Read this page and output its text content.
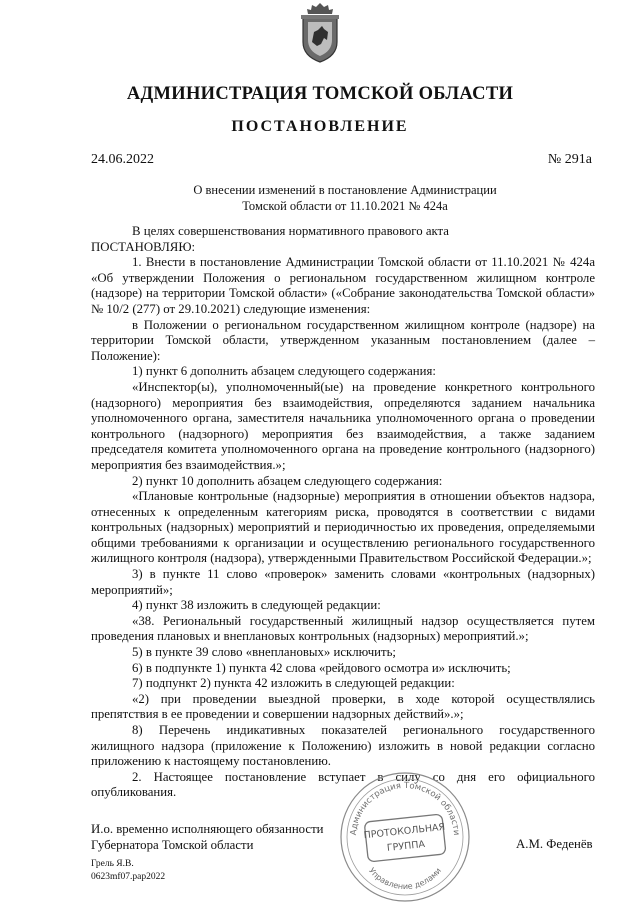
АДМИНИСТРАЦИЯ ТОМСКОЙ ОБЛАСТИ
ПОСТАНОВЛЕНИЕ
24.06.2022	№ 291а
О внесении изменений в постановление Администрации
Томской области от 11.10.2021 № 424а

В целях совершенствования нормативного правового акта

ПОСТАНОВЛЯЮ:

1. Внести в постановление Администрации Томской области от 11.10.2021 № 424а «Об утверждении Положения о региональном государственном жилищном контроле (надзоре) на территории Томской области» («Собрание законодательства Томской области» № 10/2 (277) от 29.10.2021) следующие изменения:

в Положении о региональном государственном жилищном контроле (надзоре) на территории Томской области, утвержденном указанным постановлением (далее – Положение):

1) пункт 6 дополнить абзацем следующего содержания:

«Инспектор(ы), уполномоченный(ые) на проведение конкретного контрольного (надзорного) мероприятия без взаимодействия, определяются заданием начальника уполномоченного органа, заместителя начальника уполномоченного органа о проведении контрольного (надзорного) мероприятия без взаимодействия, а также заданием председателя комитета уполномоченного органа на проведение контрольного (надзорного) мероприятия без взаимодействия.»;

2) пункт 10 дополнить абзацем следующего содержания:

«Плановые контрольные (надзорные) мероприятия в отношении объектов надзора, отнесенных к определенным категориям риска, проводятся в соответствии с видами контрольных (надзорных) мероприятий и периодичностью их проведения, определяемыми общими требованиями к организации и осуществлению регионального государственного жилищного контроля (надзора), утвержденными Правительством Российской Федерации.»;

3) в пункте 11 слово «проверок» заменить словами «контрольных (надзорных) мероприятий»;

4) пункт 38 изложить в следующей редакции:

«38. Региональный государственный жилищный надзор осуществляется путем проведения плановых и внеплановых контрольных (надзорных) мероприятий.»;

5) в пункте 39 слово «внеплановых» исключить;

6) в подпункте 1) пункта 42 слова «рейдового осмотра и» исключить;

7) подпункт 2) пункта 42 изложить в следующей редакции:

«2) при проведении выездной проверки, в ходе которой осуществлялись препятствия в ее проведении и совершении надзорных действий».»;

8) Перечень индикативных показателей регионального государственного жилищного надзора (приложение к Положению) изложить в новой редакции согласно приложению к настоящему постановлению.

2. Настоящее постановление вступает в силу со дня его официального опубликования.

И.о. временно исполняющего обязанности
Губернатора Томской области	А.М. Феденёв
Грель Я.В.
0623mf07.pap2022
Администрация Томской области
Управление делами
ПРОТОКОЛЬНАЯ
ГРУППА
